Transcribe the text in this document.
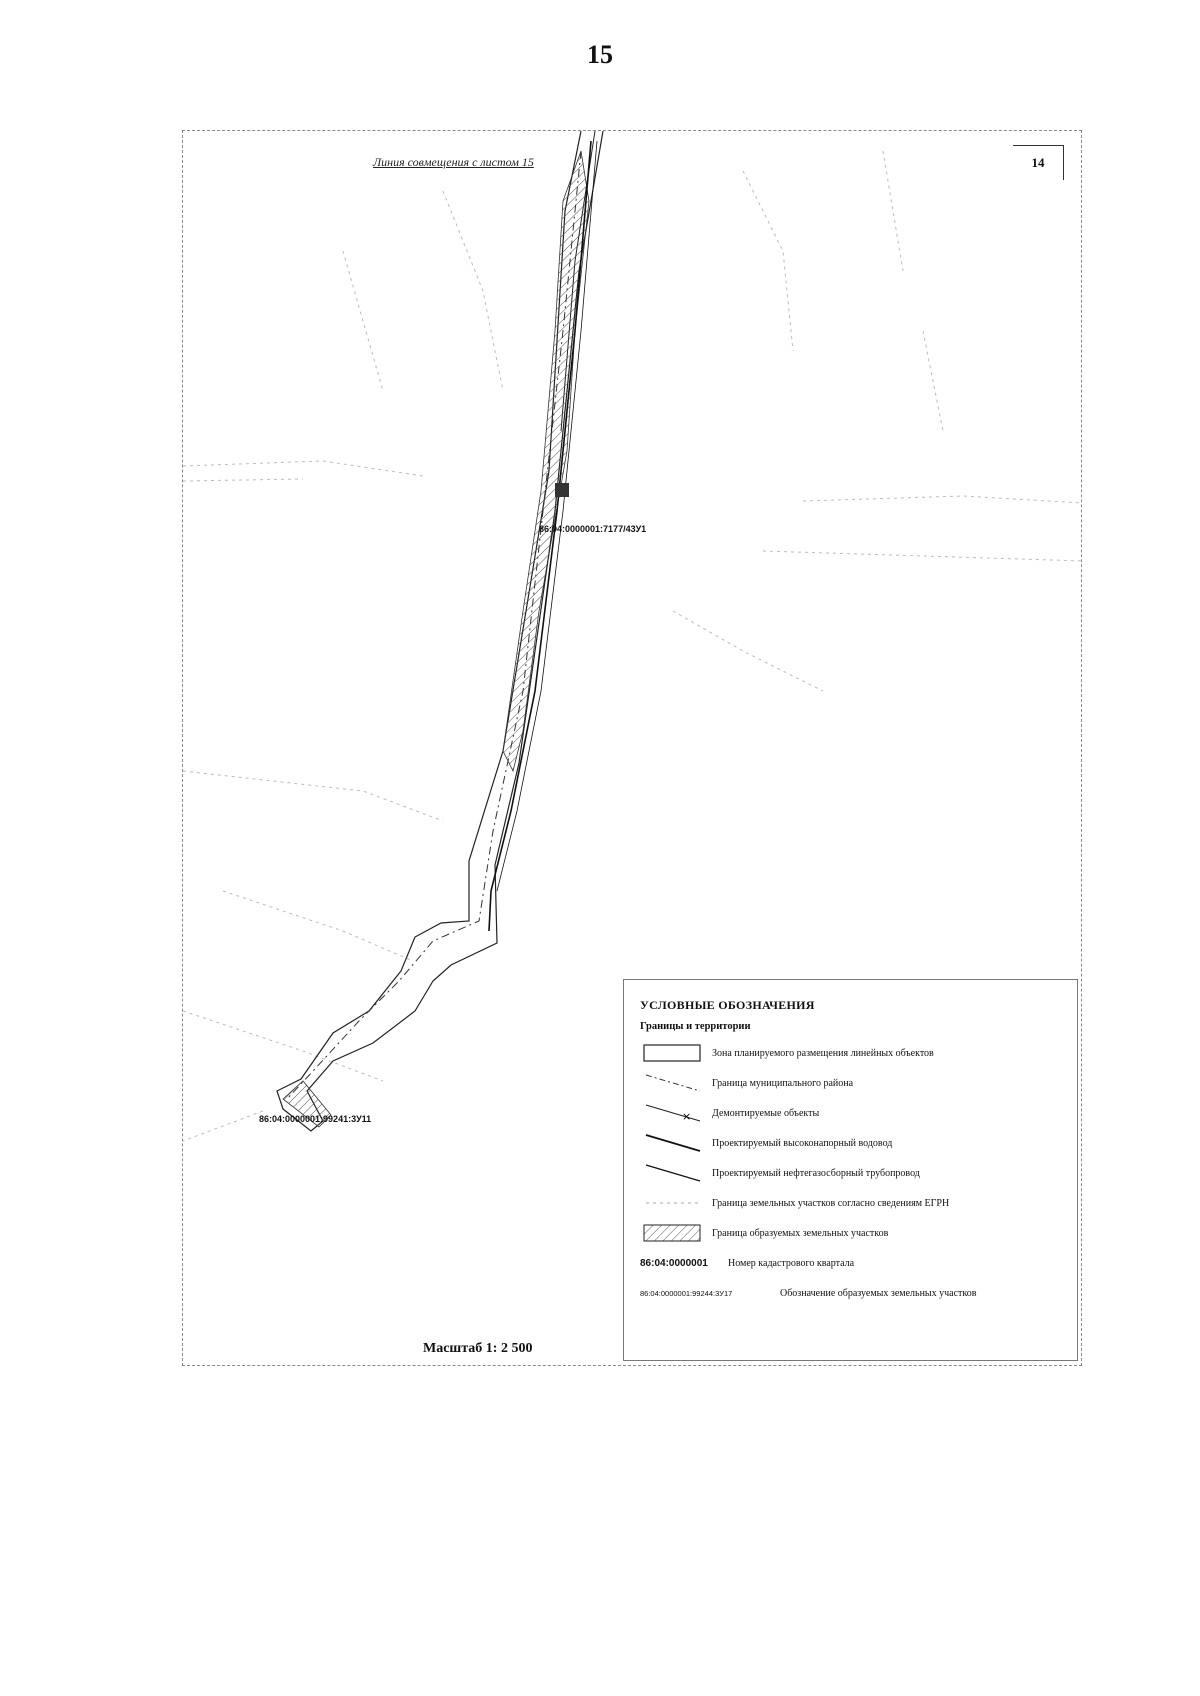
15
Линия совмещения с листом 15	14
86:04:0000001:7177/43У1
86:04:0000001:99241:3У11
Масштаб 1: 2 500
УСЛОВНЫЕ ОБОЗНАЧЕНИЯ
Границы и территории
Зона планируемого размещения линейных объектов
Граница муниципального района
× Демонтируемые объекты
Проектируемый высоконапорный водовод
Проектируемый нефтегазосборный трубопровод
Граница земельных участков согласно сведениям ЕГРН
Граница образуемых земельных участков
86:04:0000001	Номер кадастрового квартала
86:04:0000001:99244:3У17	Обозначение образуемых земельных участков
